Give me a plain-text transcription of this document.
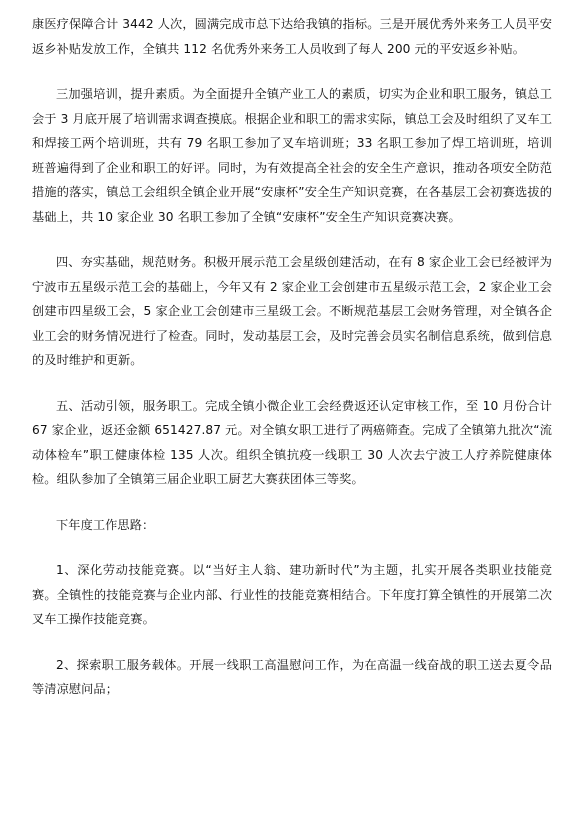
康医疗保障合计 3442 人次，圆满完成市总下达给我镇的指标。三是开展优秀外来务工人员平安返乡补贴发放工作，全镇共 112 名优秀外来务工人员收到了每人 200 元的平安返乡补贴。

三加强培训，提升素质。为全面提升全镇产业工人的素质，切实为企业和职工服务，镇总工会于 3 月底开展了培训需求调查摸底。根据企业和职工的需求实际，镇总工会及时组织了叉车工和焊接工两个培训班，共有 79 名职工参加了叉车培训班；33 名职工参加了焊工培训班，培训班普遍得到了企业和职工的好评。同时，为有效提高全社会的安全生产意识，推动各项安全防范措施的落实，镇总工会组织全镇企业开展“安康杯”安全生产知识竞赛，在各基层工会初赛选拔的基础上，共 10 家企业 30 名职工参加了全镇“安康杯”安全生产知识竞赛决赛。

四、夯实基础，规范财务。积极开展示范工会星级创建活动，在有 8 家企业工会已经被评为宁波市五星级示范工会的基础上，今年又有 2 家企业工会创建市五星级示范工会，2 家企业工会创建市四星级工会，5 家企业工会创建市三星级工会。不断规范基层工会财务管理，对全镇各企业工会的财务情况进行了检查。同时，发动基层工会，及时完善会员实名制信息系统，做到信息的及时维护和更新。

五、活动引领，服务职工。完成全镇小微企业工会经费返还认定审核工作，至 10 月份合计 67 家企业，返还金额 651427.87 元。对全镇女职工进行了两癌筛查。完成了全镇第九批次“流动体检车”职工健康体检 135 人次。组织全镇抗疫一线职工 30 人次去宁波工人疗养院健康体检。组队参加了全镇第三届企业职工厨艺大赛获团体三等奖。

下年度工作思路：

1、深化劳动技能竞赛。以“当好主人翁、建功新时代”为主题，扎实开展各类职业技能竞赛。全镇性的技能竞赛与企业内部、行业性的技能竞赛相结合。下年度打算全镇性的开展第二次叉车工操作技能竞赛。

2、探索职工服务载体。开展一线职工高温慰问工作，为在高温一线奋战的职工送去夏令品等清凉慰问品；
